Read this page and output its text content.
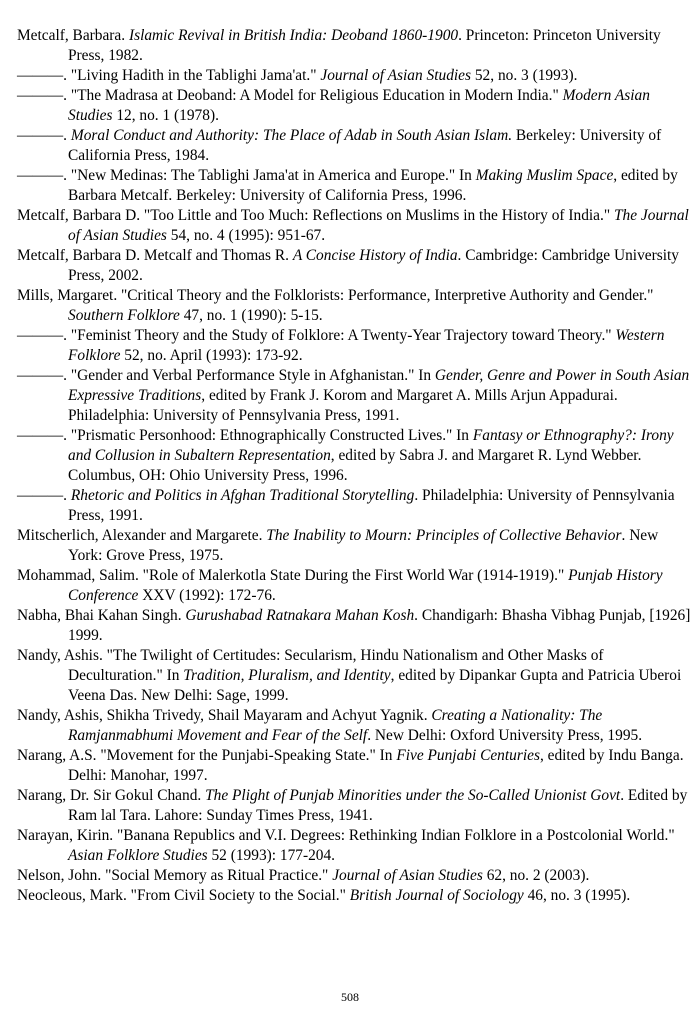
Metcalf, Barbara. Islamic Revival in British India: Deoband 1860-1900. Princeton: Princeton University Press, 1982.

———. "Living Hadith in the Tablighi Jama'at." Journal of Asian Studies 52, no. 3 (1993).

———. "The Madrasa at Deoband: A Model for Religious Education in Modern India." Modern Asian Studies 12, no. 1 (1978).

———. Moral Conduct and Authority: The Place of Adab in South Asian Islam. Berkeley: University of California Press, 1984.

———. "New Medinas: The Tablighi Jama'at in America and Europe." In Making Muslim Space, edited by Barbara Metcalf. Berkeley: University of California Press, 1996.

Metcalf, Barbara D. "Too Little and Too Much: Reflections on Muslims in the History of India." The Journal of Asian Studies 54, no. 4 (1995): 951-67.

Metcalf, Barbara D. Metcalf and Thomas R. A Concise History of India. Cambridge: Cambridge University Press, 2002.

Mills, Margaret. "Critical Theory and the Folklorists: Performance, Interpretive Authority and Gender." Southern Folklore 47, no. 1 (1990): 5-15.

———. "Feminist Theory and the Study of Folklore: A Twenty-Year Trajectory toward Theory." Western Folklore 52, no. April (1993): 173-92.

———. "Gender and Verbal Performance Style in Afghanistan." In Gender, Genre and Power in South Asian Expressive Traditions, edited by Frank J. Korom and Margaret A. Mills Arjun Appadurai. Philadelphia: University of Pennsylvania Press, 1991.

———. "Prismatic Personhood: Ethnographically Constructed Lives." In Fantasy or Ethnography?: Irony and Collusion in Subaltern Representation, edited by Sabra J. and Margaret R. Lynd Webber. Columbus, OH: Ohio University Press, 1996.

———. Rhetoric and Politics in Afghan Traditional Storytelling. Philadelphia: University of Pennsylvania Press, 1991.

Mitscherlich, Alexander and Margarete. The Inability to Mourn: Principles of Collective Behavior. New York: Grove Press, 1975.

Mohammad, Salim. "Role of Malerkotla State During the First World War (1914-1919)." Punjab History Conference XXV (1992): 172-76.

Nabha, Bhai Kahan Singh. Gurushabad Ratnakara Mahan Kosh. Chandigarh: Bhasha Vibhag Punjab, [1926] 1999.

Nandy, Ashis. "The Twilight of Certitudes: Secularism, Hindu Nationalism and Other Masks of Deculturation." In Tradition, Pluralism, and Identity, edited by Dipankar Gupta and Patricia Uberoi Veena Das. New Delhi: Sage, 1999.

Nandy, Ashis, Shikha Trivedy, Shail Mayaram and Achyut Yagnik. Creating a Nationality: The Ramjanmabhumi Movement and Fear of the Self. New Delhi: Oxford University Press, 1995.

Narang, A.S. "Movement for the Punjabi-Speaking State." In Five Punjabi Centuries, edited by Indu Banga. Delhi: Manohar, 1997.

Narang, Dr. Sir Gokul Chand. The Plight of Punjab Minorities under the So-Called Unionist Govt. Edited by Ram lal Tara. Lahore: Sunday Times Press, 1941.

Narayan, Kirin. "Banana Republics and V.I. Degrees: Rethinking Indian Folklore in a Postcolonial World." Asian Folklore Studies 52 (1993): 177-204.

Nelson, John. "Social Memory as Ritual Practice." Journal of Asian Studies 62, no. 2 (2003).

Neocleous, Mark. "From Civil Society to the Social." British Journal of Sociology 46, no. 3 (1995).

508
